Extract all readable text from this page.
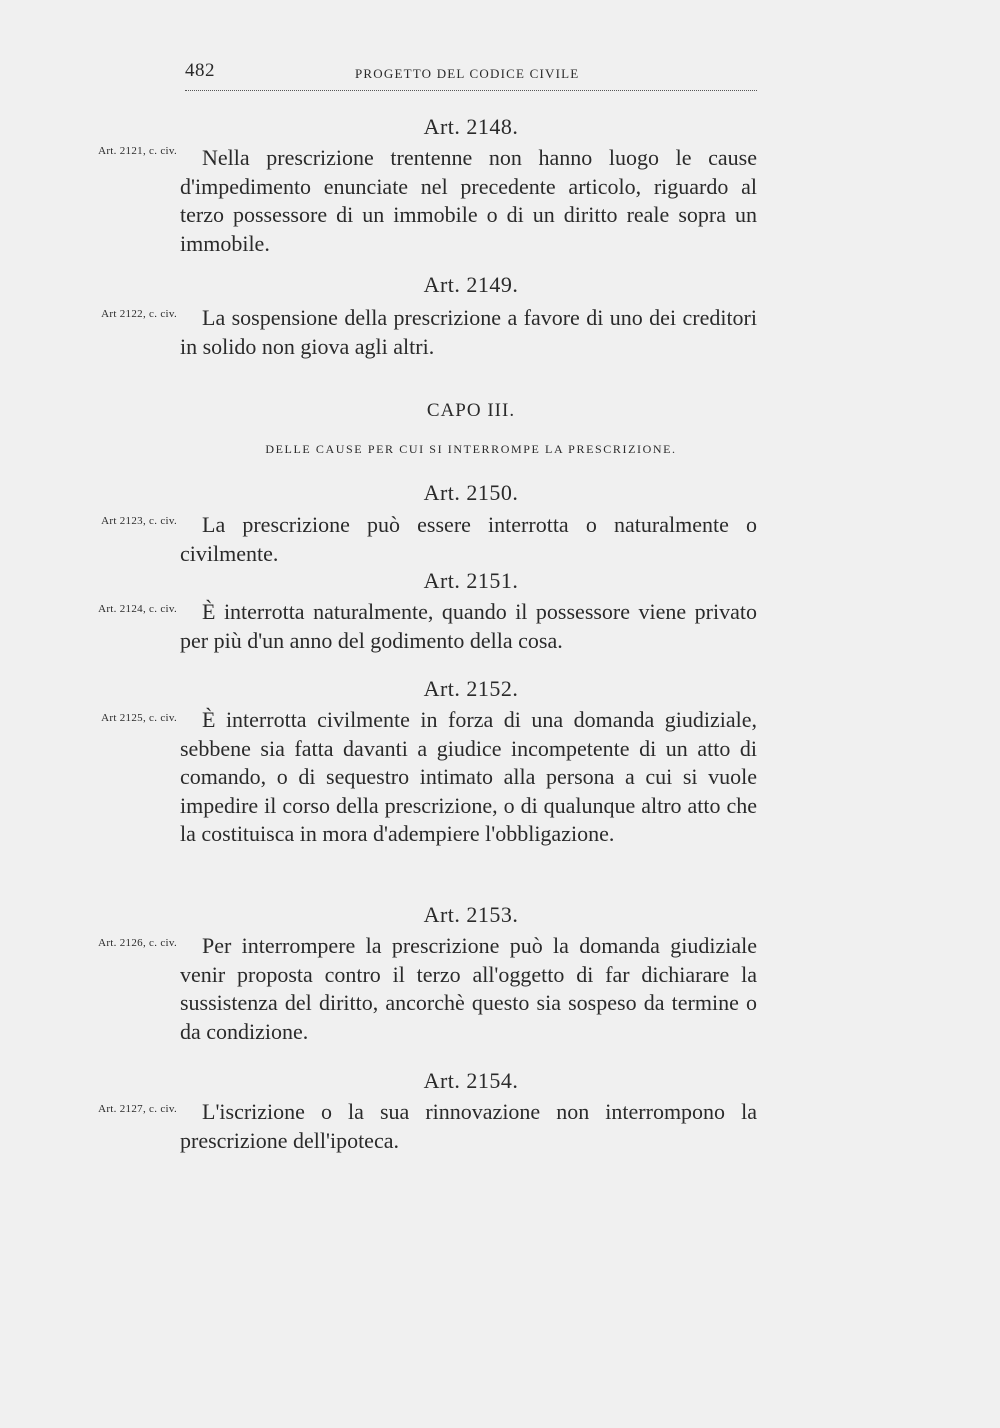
482	PROGETTO DEL CODICE CIVILE
Art. 2148.
Art. 2121, c. civ.	Nella prescrizione trentenne non hanno luogo le cause d'impedimento enunciate nel precedente articolo, riguardo al terzo possessore di un immobile o di un diritto reale sopra un immobile.

Art. 2149.
Art 2122, c. civ.	La sospensione della prescrizione a favore di uno dei creditori in solido non giova agli altri.

CAPO III.
DELLE CAUSE PER CUI SI INTERROMPE LA PRESCRIZIONE.
Art. 2150.
Art 2123, c. civ.	La prescrizione può essere interrotta o naturalmente o civilmente.

Art. 2151.
Art. 2124, c. civ.	È interrotta naturalmente, quando il possessore viene privato per più d'un anno del godimento della cosa.

Art. 2152.
Art 2125, c. civ.	È interrotta civilmente in forza di una domanda giudiziale, sebbene sia fatta davanti a giudice incompetente di un atto di comando, o di sequestro intimato alla persona a cui si vuole impedire il corso della prescrizione, o di qualunque altro atto che la costituisca in mora d'adempiere l'obbligazione.

Art. 2153.
Art. 2126, c. civ.	Per interrompere la prescrizione può la domanda giudiziale venir proposta contro il terzo all'oggetto di far dichiarare la sussistenza del diritto, ancorchè questo sia sospeso da termine o da condizione.

Art. 2154.
Art. 2127, c. civ.	L'iscrizione o la sua rinnovazione non interrompono la prescrizione dell'ipoteca.
